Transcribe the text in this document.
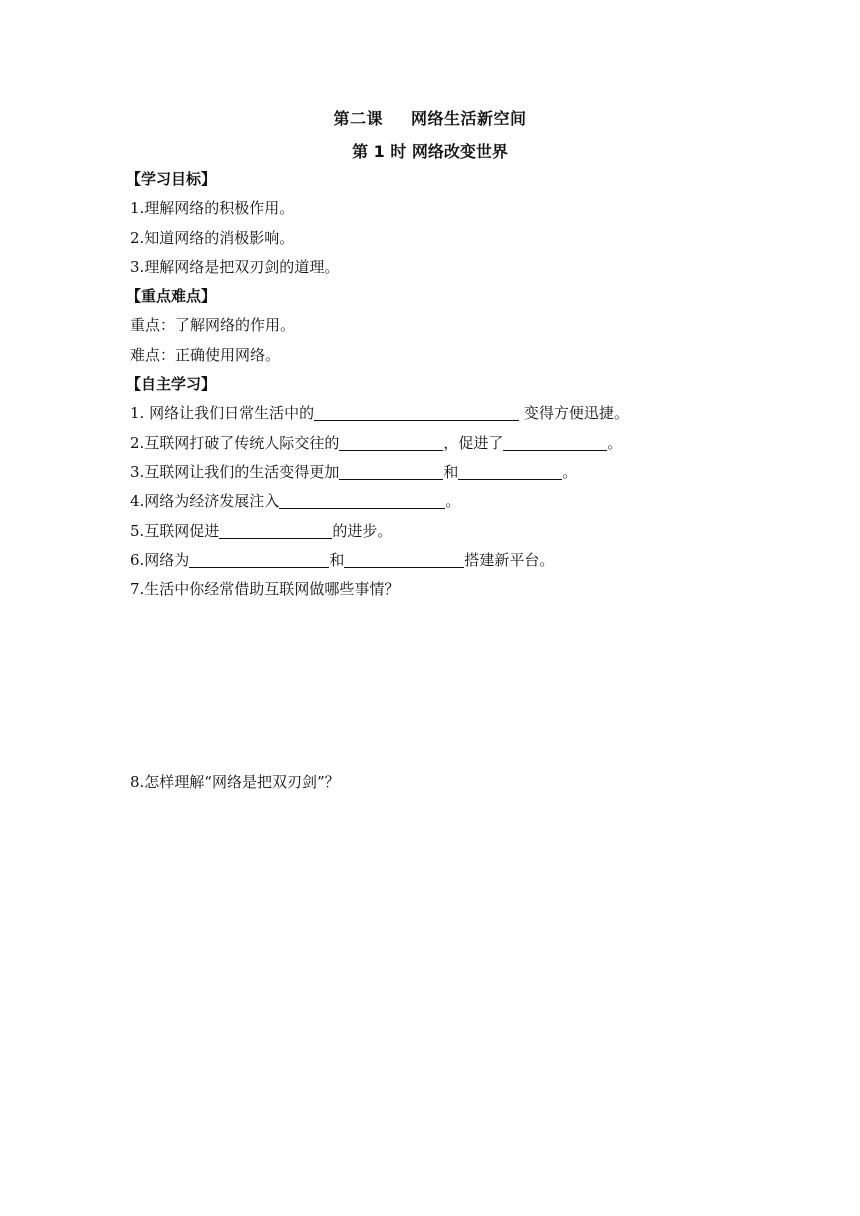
第二课 网络生活新空间
第 1 时 网络改变世界
【学习目标】
1.理解网络的积极作用。
2.知道网络的消极影响。
3.理解网络是把双刃剑的道理。
【重点难点】
重点：了解网络的作用。
难点：正确使用网络。
【自主学习】
1. 网络让我们日常生活中的	变得方便迅捷。
2.互联网打破了传统人际交往的	，促进了	。
3.互联网让我们的生活变得更加	和	。
4.网络为经济发展注入	。
5.互联网促进	的进步。
6.网络为	和	搭建新平台。
7.生活中你经常借助互联网做哪些事情？
8.怎样理解“网络是把双刃剑”？
